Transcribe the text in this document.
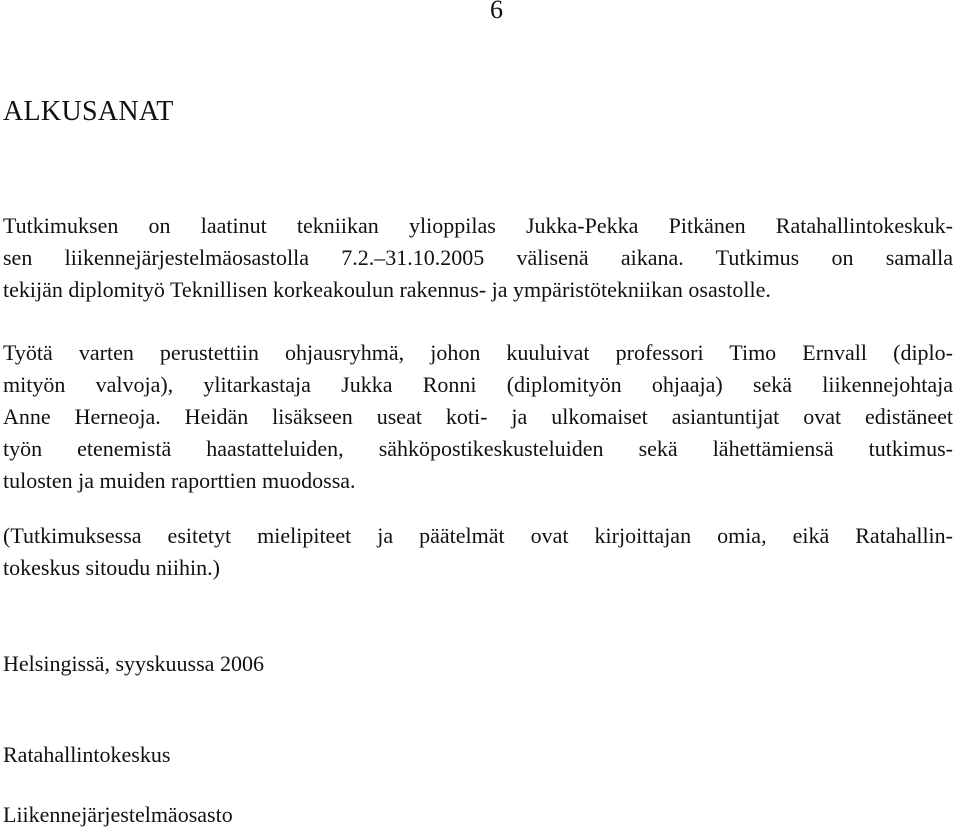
6
ALKUSANAT
Tutkimuksen on laatinut tekniikan ylioppilas Jukka-Pekka Pitkänen Ratahallintokeskuk-
sen liikennejärjestelmäosastolla 7.2.–31.10.2005 välisenä aikana. Tutkimus on samalla
tekijän diplomityö Teknillisen korkeakoulun rakennus- ja ympäristötekniikan osastolle.
Työtä varten perustettiin ohjausryhmä, johon kuuluivat professori Timo Ernvall (diplo-
mityön valvoja), ylitarkastaja Jukka Ronni (diplomityön ohjaaja) sekä liikennejohtaja
Anne Herneoja. Heidän lisäkseen useat koti- ja ulkomaiset asiantuntijat ovat edistäneet
työn etenemistä haastatteluiden, sähköpostikeskusteluiden sekä lähettämiensä tutkimus-
tulosten ja muiden raporttien muodossa.
(Tutkimuksessa esitetyt mielipiteet ja päätelmät ovat kirjoittajan omia, eikä Ratahallin-
tokeskus sitoudu niihin.)

Helsingissä, syyskuussa 2006

Ratahallintokeskus

Liikennejärjestelmäosasto
